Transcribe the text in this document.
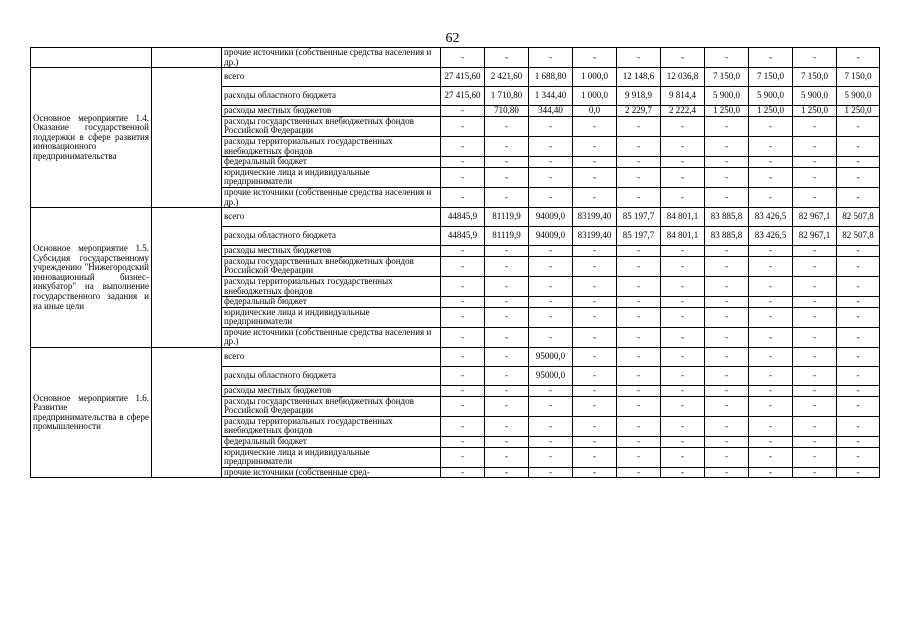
62
		прочие источники (собственные средства населения и др.)	-	-	-	-	-	-	-	-	-	-
Основное мероприятие 1.4. Оказание государственной поддержки в сфере развития инновационного предпринимательства		всего	27 415,60	2 421,60	1 688,80	1 000,0	12 148,6	12 036,8	7 150,0	7 150,0	7 150,0	7 150,0
		расходы областного бюджета	27 415,60	1 710,80	1 344,40	1 000,0	9 918,9	9 814,4	5 900,0	5 900,0	5 900,0	5 900,0
		расходы местных бюджетов	-	710,80	344,40	0,0	2 229,7	2 222,4	1 250,0	1 250,0	1 250,0	1 250,0
		расходы государственных внебюджетных фондов Российской Федерации	-	-	-	-	-	-	-	-	-	-
		расходы территориальных государственных внебюджетных фондов	-	-	-	-	-	-	-	-	-	-
		федеральный бюджет	-	-	-	-	-	-	-	-	-	-
		юридические лица и индивидуальные предприниматели	-	-	-	-	-	-	-	-	-	-
		прочие источники (собственные средства населения и др.)	-	-	-	-	-	-	-	-	-	-
Основное мероприятие 1.5. Субсидия государственному учреждению "Нижегородский инновационный бизнес-инкубатор" на выполнение государственного задания и на иные цели		всего	44845,9	81119,9	94009,0	83199,40	85 197,7	84 801,1	83 885,8	83 426,5	82 967,1	82 507,8
		расходы областного бюджета	44845,9	81119,9	94009,0	83199,40	85 197,7	84 801,1	83 885,8	83 426,5	82 967,1	82 507,8
		расходы местных бюджетов	-	-	-	-	-	-	-	-	-	-
		расходы государственных внебюджетных фондов Российской Федерации	-	-	-	-	-	-	-	-	-	-
		расходы территориальных государственных внебюджетных фондов	-	-	-	-	-	-	-	-	-	-
		федеральный бюджет	-	-	-	-	-	-	-	-	-	-
		юридические лица и индивидуальные предприниматели	-	-	-	-	-	-	-	-	-	-
		прочие источники (собственные средства населения и др.)	-	-	-	-	-	-	-	-	-	-
Основное мероприятие 1.6. Развитие предпринимательства в сфере промышленности		всего	-	-	95000,0	-	-	-	-	-	-	-
		расходы областного бюджета	-	-	95000,0	-	-	-	-	-	-	-
		расходы местных бюджетов	-	-	-	-	-	-	-	-	-	-
		расходы государственных внебюджетных фондов Российской Федерации	-	-	-	-	-	-	-	-	-	-
		расходы территориальных государственных внебюджетных фондов	-	-	-	-	-	-	-	-	-	-
		федеральный бюджет	-	-	-	-	-	-	-	-	-	-
		юридические лица и индивидуальные предприниматели	-	-	-	-	-	-	-	-	-	-
		прочие источники (собственные сред-	-	-	-	-	-	-	-	-	-	-
